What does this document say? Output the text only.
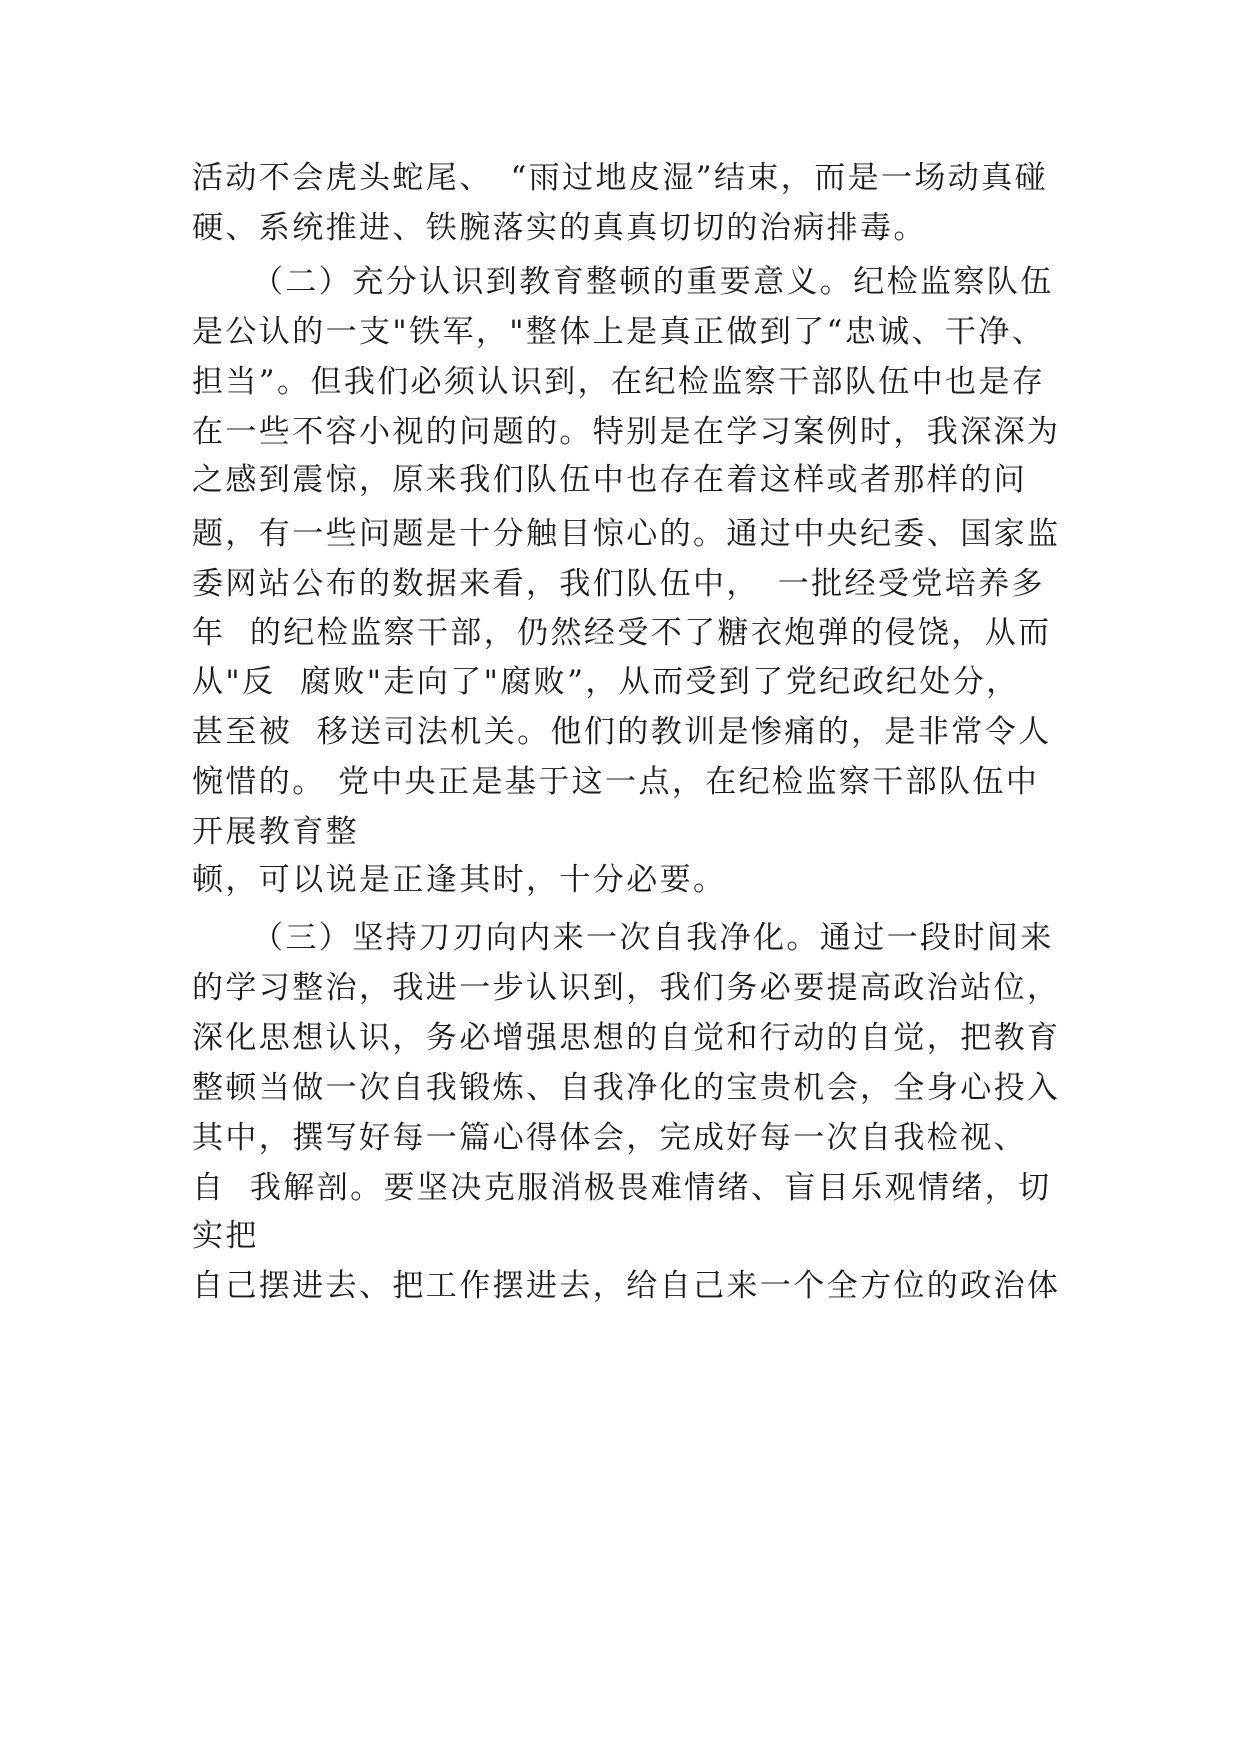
活动不会虎头蛇尾、　“雨过地皮湿”结束，而是一场动真碰
硬、系统推进、铁腕落实的真真切切的治病排毒。
（二）充分认识到教育整顿的重要意义。纪检监察队伍
是公认的一支"铁军，"整体上是真正做到了“忠诚、干净、
担当”。但我们必须认识到，在纪检监察干部队伍中也是存
在一些不容小视的问题的。特别是在学习案例时，我深深为
之感到震惊，原来我们队伍中也存在着这样或者那样的问
题，有一些问题是十分触目惊心的。通过中央纪委、国家监
委网站公布的数据来看，我们队伍中，　一批经受党培养多
年  的纪检监察干部，仍然经受不了糖衣炮弹的侵饶，从而
从"反  腐败"走向了"腐败”，从而受到了党纪政纪处分，
甚至被  移送司法机关。他们的教训是惨痛的，是非常令人
惋惜的。 党中央正是基于这一点，在纪检监察干部队伍中
开展教育整
顿，可以说是正逢其时，十分必要。
（三）坚持刀刃向内来一次自我净化。通过一段时间来
的学习整治，我进一步认识到，我们务必要提高政治站位，
深化思想认识，务必增强思想的自觉和行动的自觉，把教育
整顿当做一次自我锻炼、自我净化的宝贵机会，全身心投入
其中，撰写好每一篇心得体会，完成好每一次自我检视、
自  我解剖。要坚决克服消极畏难情绪、盲目乐观情绪，切
实把
自己摆进去、把工作摆进去，给自己来一个全方位的政治体
